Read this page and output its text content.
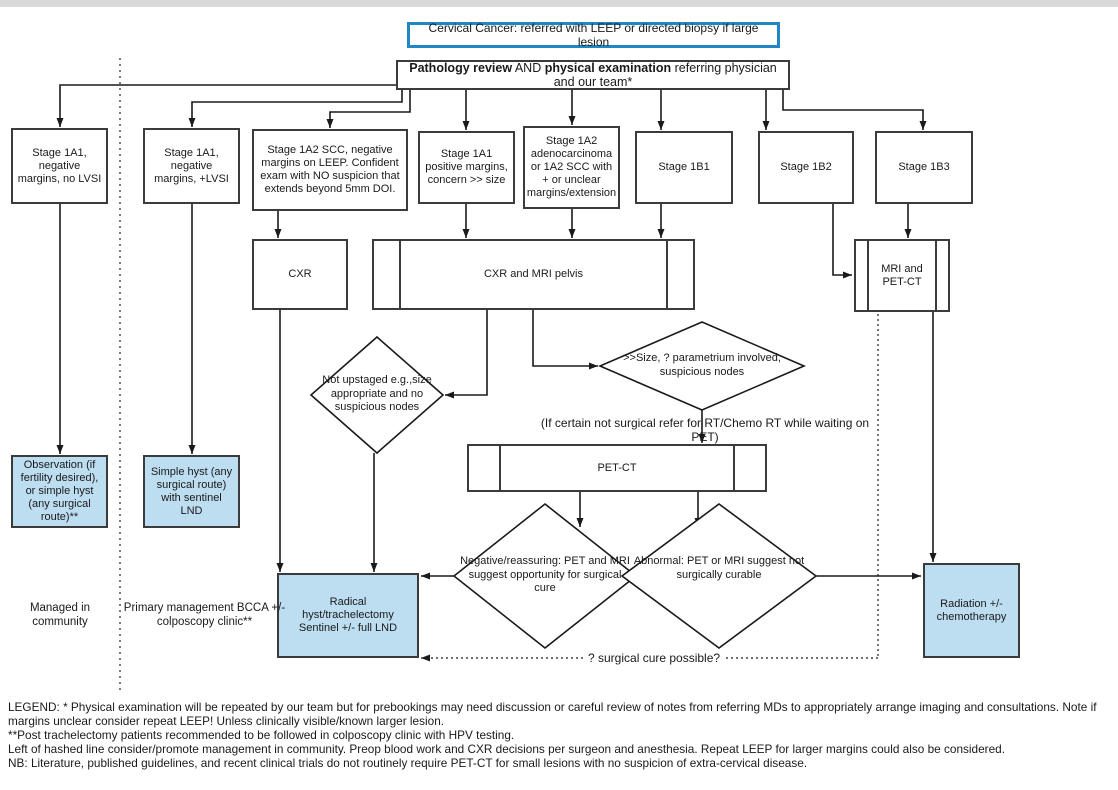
Cervical Cancer: referred with LEEP or directed biopsy if large lesion
Pathology review AND physical examination referring physician and our team*
Stage 1A1, negative margins, no LVSI
Stage 1A1, negative margins, +LVSI
Stage 1A2 SCC, negative margins on LEEP. Confident exam with NO suspicion that extends beyond 5mm DOI.
Stage 1A1 positive margins, concern >> size
Stage 1A2 adenocarcinoma or 1A2 SCC with + or unclear margins/extension
Stage 1B1	Stage 1B2	Stage 1B3
CXR	CXR and MRI pelvis	MRI and PET-CT
PET-CT
Not upstaged e.g.,size appropriate and no suspicious nodes
>>Size, ? parametrium involved, suspicious nodes
Negative/reassuring: PET and MRI suggest opportunity for surgical cure
Abnormal: PET or MRI suggest not surgically curable
Observation (if fertility desired), or simple hyst (any surgical route)**
Simple hyst (any surgical route) with sentinel LND
Radical hyst/trachelectomy Sentinel +/- full LND
Radiation +/- chemotherapy
(If certain not surgical refer for RT/Chemo RT while waiting on PET)
? surgical cure possible?
Managed in community
Primary management BCCA +/- colposcopy clinic**

LEGEND: * Physical examination will be repeated by our team but for prebookings may need discussion or careful review of notes from referring MDs to appropriately arrange imaging and consultations. Note if margins unclear consider repeat LEEP! Unless clinically visible/known larger lesion.

**Post trachelectomy patients recommended to be followed in colposcopy clinic with HPV testing.

Left of hashed line consider/promote management in community. Preop blood work and CXR decisions per surgeon and anesthesia. Repeat LEEP for larger margins could also be considered.

NB: Literature, published guidelines, and recent clinical trials do not routinely require PET-CT for small lesions with no suspicion of extra-cervical disease.
